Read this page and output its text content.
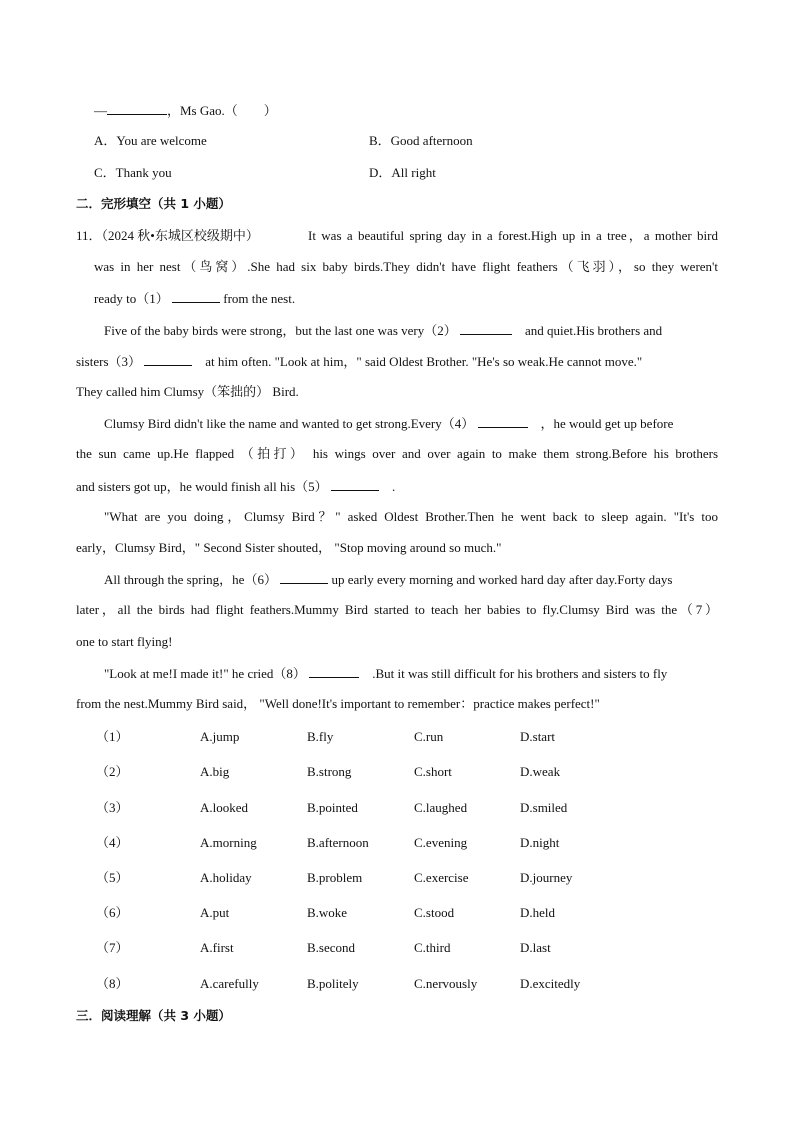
—	，Ms Gao.（　　）
A．You are welcome	B．Good afternoon
C．Thank you	D．All right
二．完形填空（共 1 小题）
11．（2024 秋•东城区校级期中）	It was a beautiful spring day in a forest.High up in a tree，a mother bird
was in her nest（鸟窝）.She had six baby birds.They didn't have flight feathers（飞羽），so they weren't
ready to（1）	from the nest.
Five of the baby birds were strong，but the last one was very（2）	and quiet.His brothers and
sisters（3）	at him often. "Look at him，" said Oldest Brother. "He's so weak.He cannot move."
They called him Clumsy（笨拙的） Bird.
Clumsy Bird didn't like the name and wanted to get strong.Every（4）	，he would get up before
the sun came up.He flapped （拍打） his wings over and over again to make them strong.Before his brothers
and sisters got up，he would finish all his（5）	.
"What are you doing，Clumsy Bird？" asked Oldest Brother.Then he went back to sleep again. "It's too
early，Clumsy Bird，" Second Sister shouted， "Stop moving around so much."
All through the spring，he（6）	up early every morning and worked hard day after day.Forty days
later，all the birds had flight feathers.Mummy Bird started to teach her babies to fly.Clumsy Bird was the（7）
one to start flying!
"Look at me!I made it!" he cried（8）	.But it was still difficult for his brothers and sisters to fly
from the nest.Mummy Bird said， "Well done!It's important to remember：practice makes perfect!"
（1）	A.jump	B.fly	C.run	D.start
（2）	A.big	B.strong	C.short	D.weak
（3）	A.looked	B.pointed	C.laughed	D.smiled
（4）	A.morning	B.afternoon	C.evening	D.night
（5）	A.holiday	B.problem	C.exercise	D.journey
（6）	A.put	B.woke	C.stood	D.held
（7）	A.first	B.second	C.third	D.last
（8）	A.carefully	B.politely	C.nervously	D.excitedly
三．阅读理解（共 3 小题）
